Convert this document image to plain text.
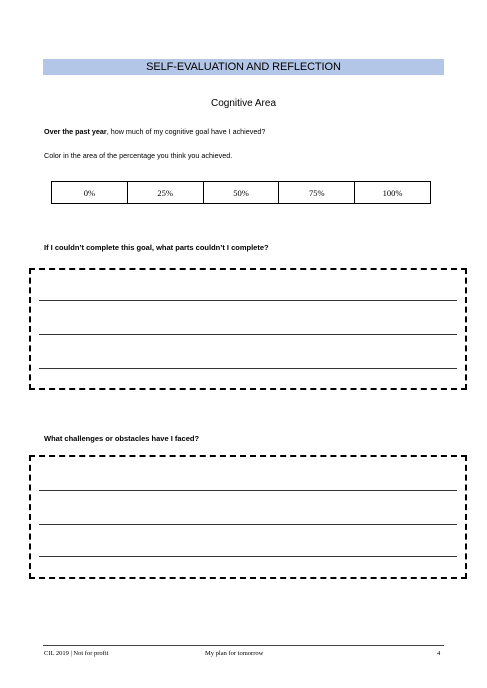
SELF-EVALUATION AND REFLECTION
Cognitive Area
Over the past year, how much of my cognitive goal have I achieved?
Color in the area of the percentage you think you achieved.
0%	25%	50%	75%	100%
If I couldn’t complete this goal, what parts couldn’t I complete?
What challenges or obstacles have I faced?
CIL 2019 | Not for profit	My plan for tomorrow	4
